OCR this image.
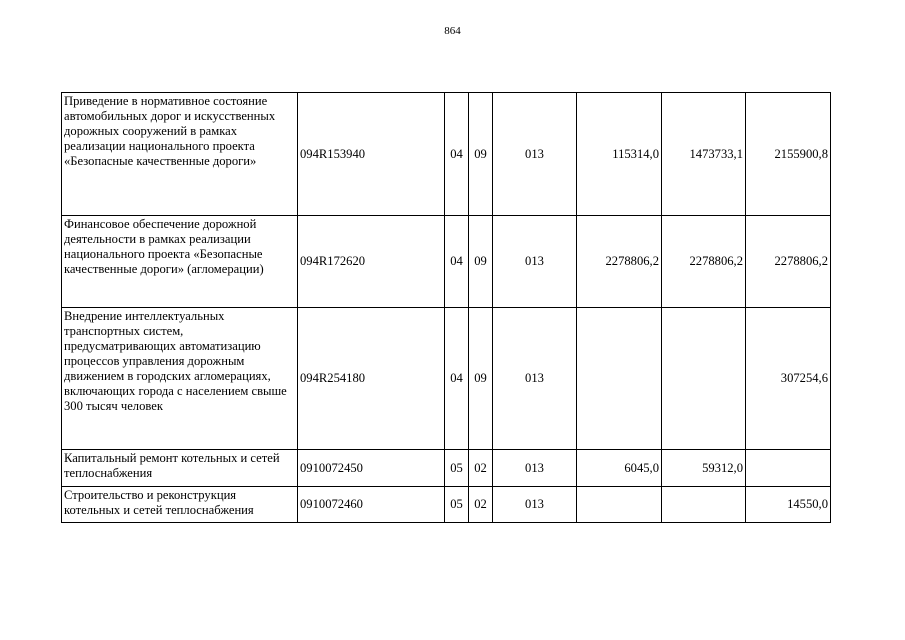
864
Приведение в нормативное состояние автомобильных дорог и искусственных дорожных сооружений в рамках реализации национального проекта «Безопасные качественные дороги»	094R153940	04	09	013	115314,0	1473733,1	2155900,8
Финансовое обеспечение дорожной деятельности в рамках реализации национального проекта «Безопасные качественные дороги» (агломерации)	094R172620	04	09	013	2278806,2	2278806,2	2278806,2
Внедрение интеллектуальных транспортных систем, предусматривающих автоматизацию процессов управления дорожным движением в городских агломерациях, включающих города с населением свыше 300 тысяч человек	094R254180	04	09	013			307254,6
Капитальный ремонт котельных и сетей теплоснабжения	0910072450	05	02	013	6045,0	59312,0	
Строительство и реконструкция котельных и сетей теплоснабжения	0910072460	05	02	013			14550,0
